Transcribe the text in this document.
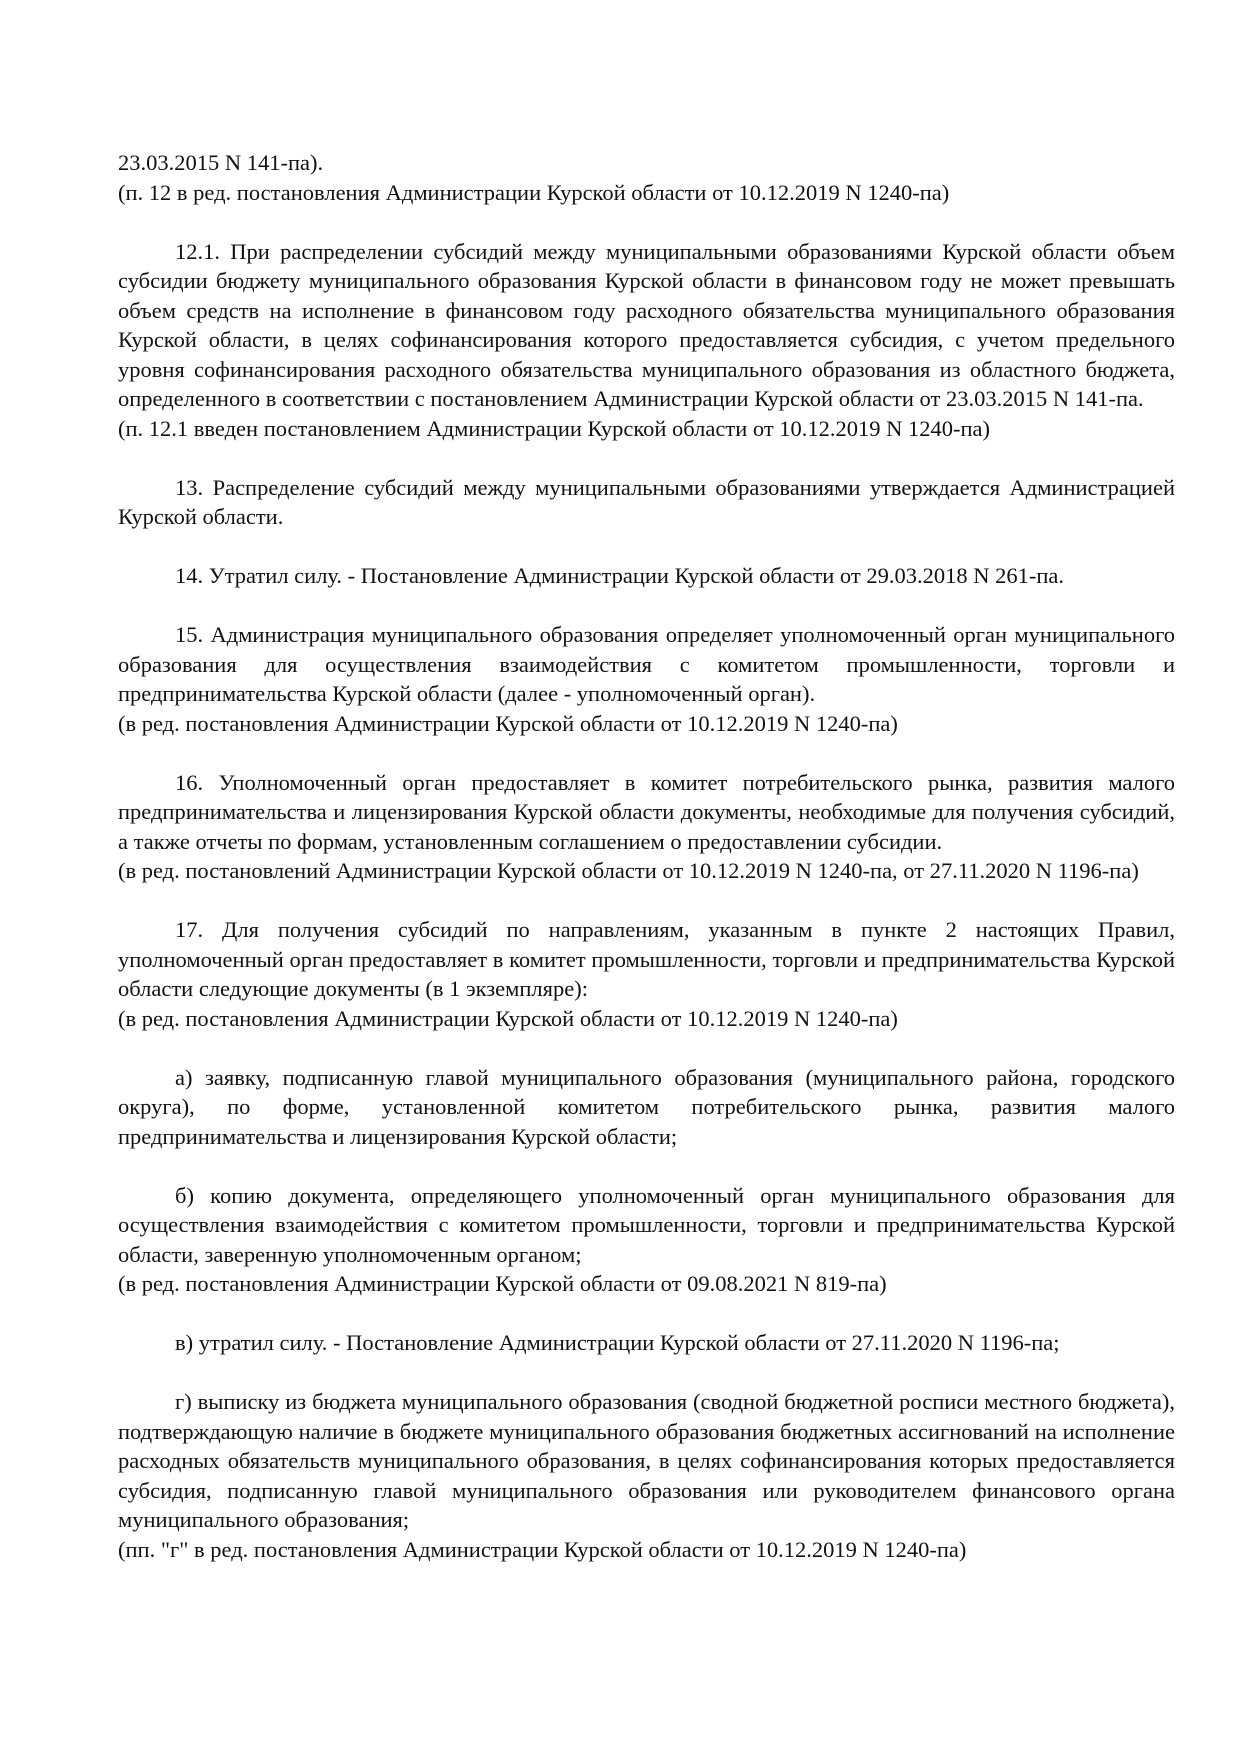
23.03.2015 N 141-па).
(п. 12 в ред. постановления Администрации Курской области от 10.12.2019 N 1240-па)
12.1. При распределении субсидий между муниципальными образованиями Курской области объем субсидии бюджету муниципального образования Курской области в финансовом году не может превышать объем средств на исполнение в финансовом году расходного обязательства муниципального образования Курской области, в целях софинансирования которого предоставляется субсидия, с учетом предельного уровня софинансирования расходного обязательства муниципального образования из областного бюджета, определенного в соответствии с постановлением Администрации Курской области от 23.03.2015 N 141-па.
(п. 12.1 введен постановлением Администрации Курской области от 10.12.2019 N 1240-па)
13. Распределение субсидий между муниципальными образованиями утверждается Администрацией Курской области.
14. Утратил силу. - Постановление Администрации Курской области от 29.03.2018 N 261-па.
15. Администрация муниципального образования определяет уполномоченный орган муниципального образования для осуществления взаимодействия с комитетом промышленности, торговли и предпринимательства Курской области (далее - уполномоченный орган).
(в ред. постановления Администрации Курской области от 10.12.2019 N 1240-па)
16. Уполномоченный орган предоставляет в комитет потребительского рынка, развития малого предпринимательства и лицензирования Курской области документы, необходимые для получения субсидий, а также отчеты по формам, установленным соглашением о предоставлении субсидии.
(в ред. постановлений Администрации Курской области от 10.12.2019 N 1240-па, от 27.11.2020 N 1196-па)
17. Для получения субсидий по направлениям, указанным в пункте 2 настоящих Правил, уполномоченный орган предоставляет в комитет промышленности, торговли и предпринимательства Курской области следующие документы (в 1 экземпляре):
(в ред. постановления Администрации Курской области от 10.12.2019 N 1240-па)
а) заявку, подписанную главой муниципального образования (муниципального района, городского округа), по форме, установленной комитетом потребительского рынка, развития малого предпринимательства и лицензирования Курской области;
б) копию документа, определяющего уполномоченный орган муниципального образования для осуществления взаимодействия с комитетом промышленности, торговли и предпринимательства Курской области, заверенную уполномоченным органом;
(в ред. постановления Администрации Курской области от 09.08.2021 N 819-па)
в) утратил силу. - Постановление Администрации Курской области от 27.11.2020 N 1196-па;
г) выписку из бюджета муниципального образования (сводной бюджетной росписи местного бюджета), подтверждающую наличие в бюджете муниципального образования бюджетных ассигнований на исполнение расходных обязательств муниципального образования, в целях софинансирования которых предоставляется субсидия, подписанную главой муниципального образования или руководителем финансового органа муниципального образования;
(пп. "г" в ред. постановления Администрации Курской области от 10.12.2019 N 1240-па)
